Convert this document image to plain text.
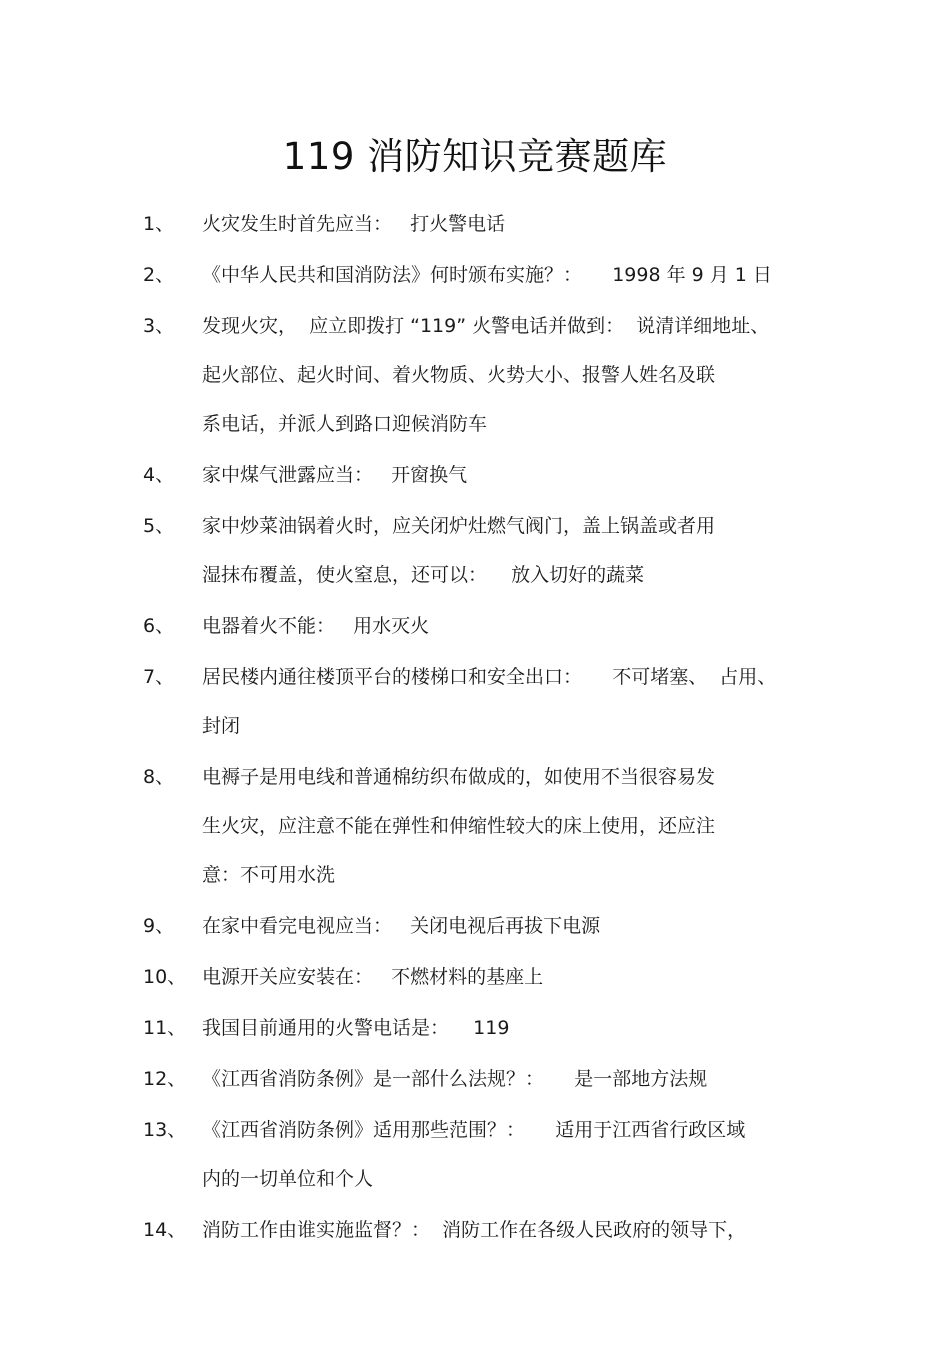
119 消防知识竞赛题库
1、	火灾发生时首先应当：   打火警电话
2、	《中华人民共和国消防法》何时颁布实施？：     1998 年 9 月 1 日
3、	发现火灾，  应立即拨打 “119” 火警电话并做到：  说清详细地址、
起火部位、起火时间、着火物质、火势大小、报警人姓名及联
系电话，并派人到路口迎候消防车
4、	家中煤气泄露应当：   开窗换气
5、	家中炒菜油锅着火时，应关闭炉灶燃气阀门，盖上锅盖或者用
湿抹布覆盖，使火窒息，还可以：    放入切好的蔬菜
6、	电器着火不能：   用水灭火
7、	居民楼内通往楼顶平台的楼梯口和安全出口：     不可堵塞、  占用、
封闭
8、	电褥子是用电线和普通棉纺织布做成的，如使用不当很容易发
生火灾，应注意不能在弹性和伸缩性较大的床上使用，还应注
意：不可用水洗
9、	在家中看完电视应当：   关闭电视后再拔下电源
10、 电源开关应安装在：   不燃材料的基座上
11、 我国目前通用的火警电话是：    119
12、 《江西省消防条例》是一部什么法规？：     是一部地方法规
13、 《江西省消防条例》适用那些范围？：     适用于江西省行政区域
内的一切单位和个人
14、 消防工作由谁实施监督？：  消防工作在各级人民政府的领导下，
